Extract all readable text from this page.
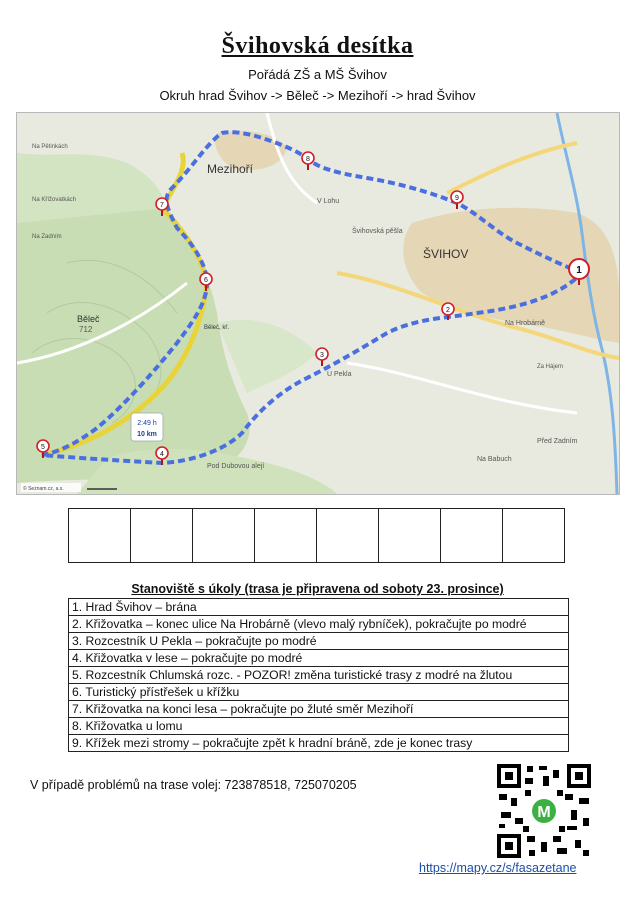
Švihovská desítka
Pořádá ZŠ a MŠ Švihov
Okruh hrad Švihov -> Běleč -> Mezihoří -> hrad Švihov
Mezihoří
ŠVIHOV
Běleč
712
V Lohu
Švihovská pěšla
Na Hrobárně
U Pekla
Pod Dubovou alejí
Na Babuch
Před Zadním
Na Pětinkách
Na Křížovatkách
Na Zadním
Běleč, kř.
Za Hájem
2:49 h
10 km
1
2
3
4
5
6
7
8
9
© Seznam.cz, a.s.

Stanoviště s úkoly (trasa je připravena od soboty 23. prosince)
1. Hrad Švihov – brána
2. Křižovatka – konec ulice Na Hrobárně (vlevo malý rybníček), pokračujte po modré
3. Rozcestník U Pekla – pokračujte po modré
4. Křižovatka v lese – pokračujte po modré
5. Rozcestník Chlumská rozc. - POZOR! změna turistické trasy z modré na žlutou
6. Turistický přístřešek u křížku
7. Křižovatka na konci lesa – pokračujte po žluté směr Mezihoří
8. Křižovatka u lomu
9. Křížek mezi stromy – pokračujte zpět k hradní bráně, zde je konec trasy
V případě problémů na trase volej: 723878518, 725070205
M
https://mapy.cz/s/fasazetane
